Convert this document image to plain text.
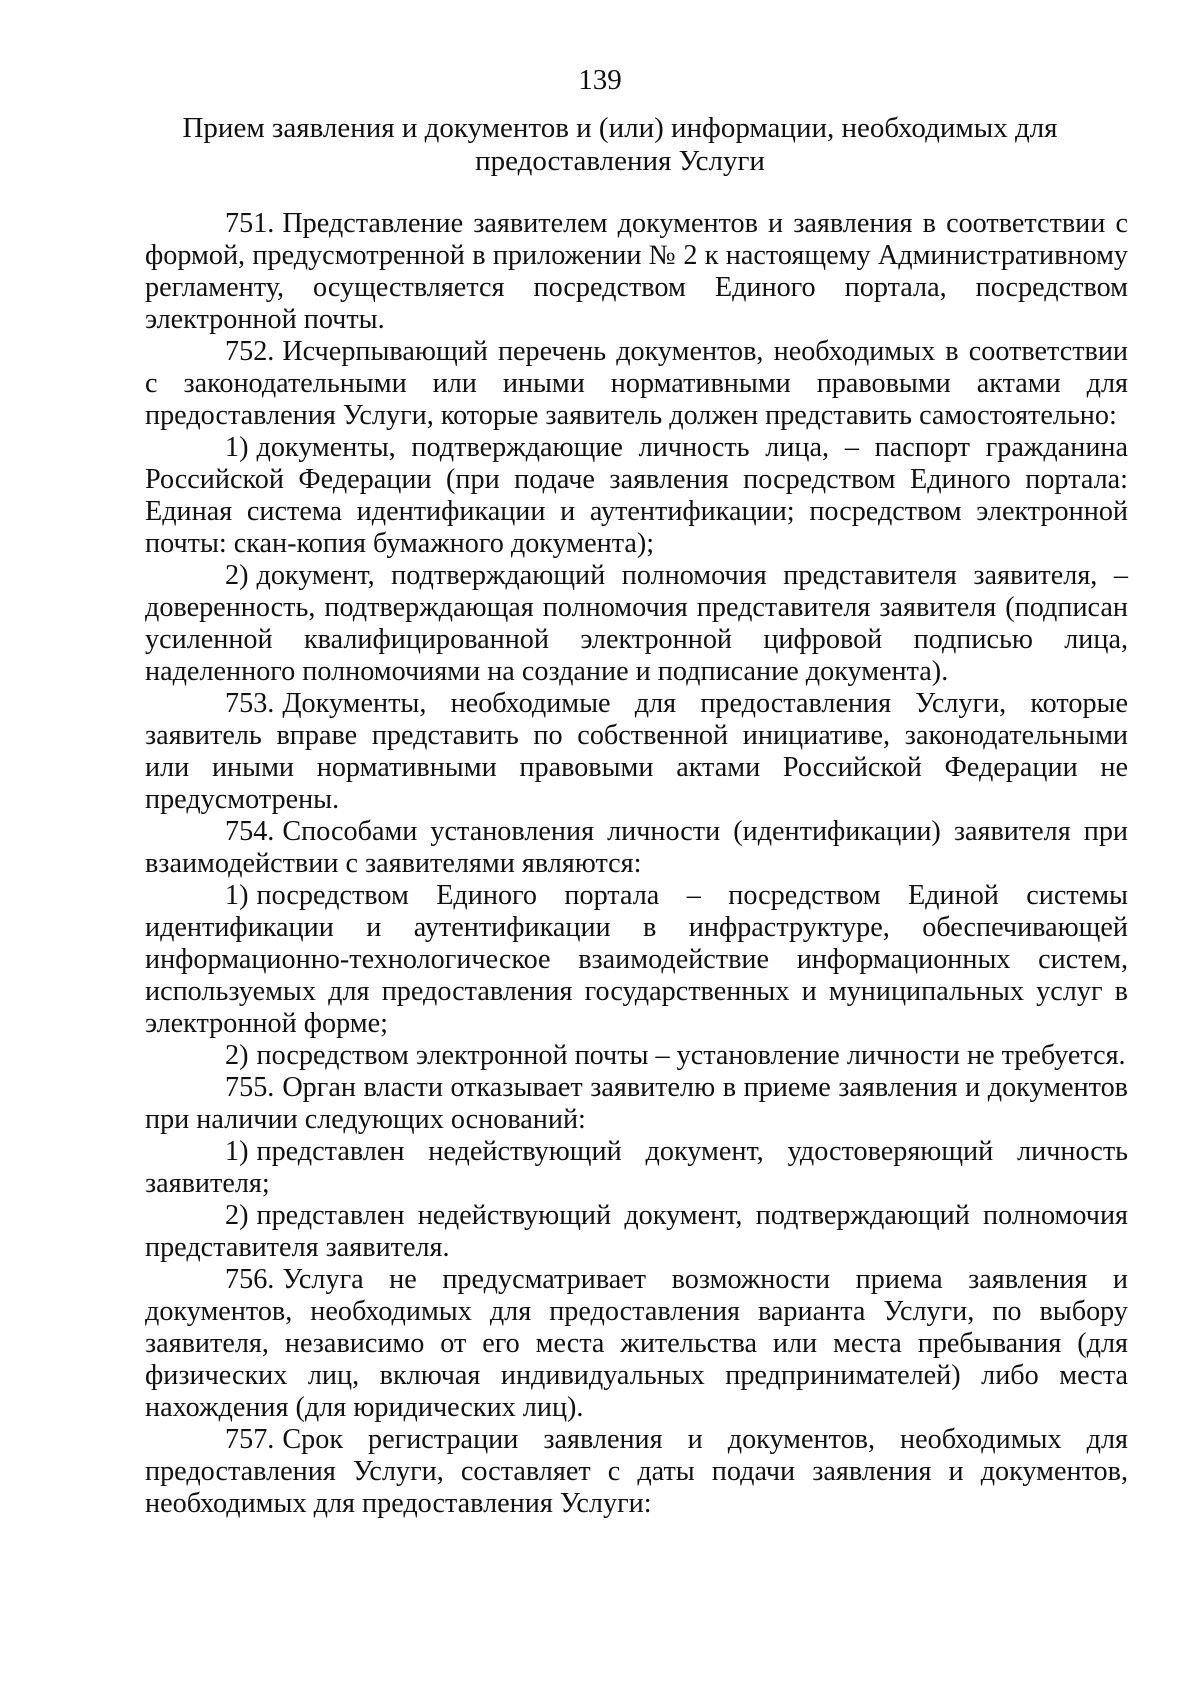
139
Прием заявления и документов и (или) информации, необходимых для предоставления Услуги

751. Представление заявителем документов и заявления в соответствии с формой, предусмотренной в приложении № 2 к настоящему Административному регламенту, осуществляется посредством Единого портала, посредством электронной почты.

752. Исчерпывающий перечень документов, необходимых в соответствии с законодательными или иными нормативными правовыми актами для предоставления Услуги, которые заявитель должен представить самостоятельно:

1) документы, подтверждающие личность лица, – паспорт гражданина Российской Федерации (при подаче заявления посредством Единого портала: Единая система идентификации и аутентификации; посредством электронной почты: скан-копия бумажного документа);

2) документ, подтверждающий полномочия представителя заявителя, – доверенность, подтверждающая полномочия представителя заявителя (подписан усиленной квалифицированной электронной цифровой подписью лица, наделенного полномочиями на создание и подписание документа).

753. Документы, необходимые для предоставления Услуги, которые заявитель вправе представить по собственной инициативе, законодательными или иными нормативными правовыми актами Российской Федерации не предусмотрены.

754. Способами установления личности (идентификации) заявителя при взаимодействии с заявителями являются:

1) посредством Единого портала – посредством Единой системы идентификации и аутентификации в инфраструктуре, обеспечивающей информационно-технологическое взаимодействие информационных систем, используемых для предоставления государственных и муниципальных услуг в электронной форме;

2) посредством электронной почты – установление личности не требуется.

755. Орган власти отказывает заявителю в приеме заявления и документов при наличии следующих оснований:

1) представлен недействующий документ, удостоверяющий личность заявителя;

2) представлен недействующий документ, подтверждающий полномочия представителя заявителя.

756. Услуга не предусматривает возможности приема заявления и документов, необходимых для предоставления варианта Услуги, по выбору заявителя, независимо от его места жительства или места пребывания (для физических лиц, включая индивидуальных предпринимателей) либо места нахождения (для юридических лиц).

757. Срок регистрации заявления и документов, необходимых для предоставления Услуги, составляет с даты подачи заявления и документов, необходимых для предоставления Услуги:
